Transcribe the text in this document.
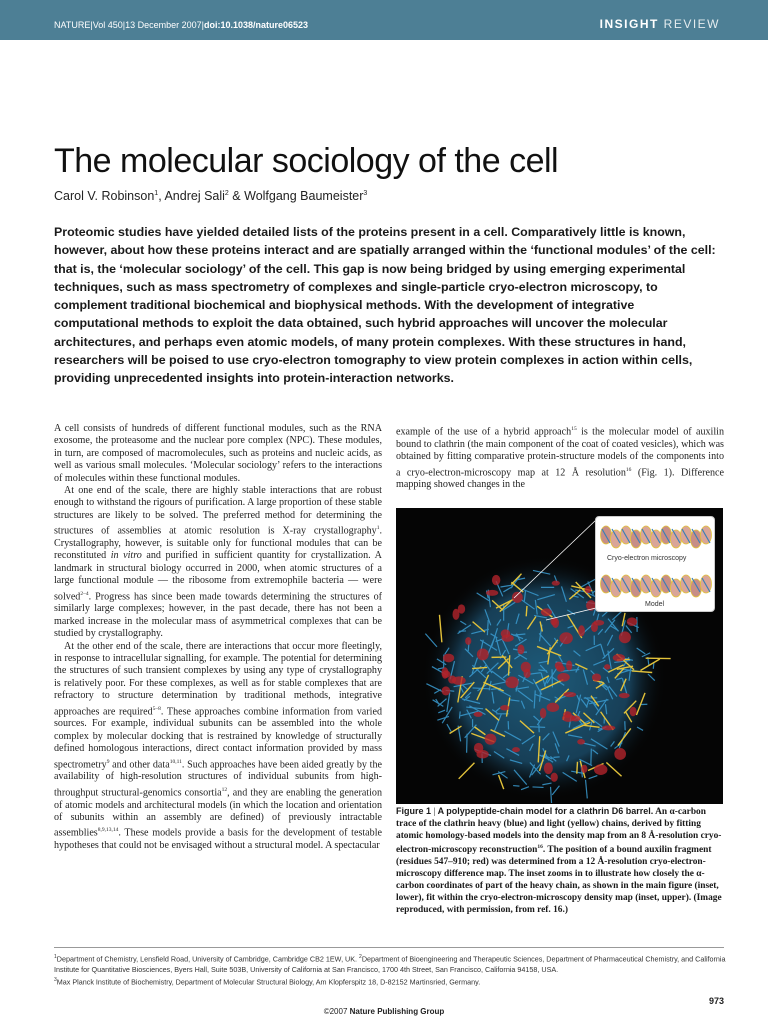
NATURE|Vol 450|13 December 2007|doi:10.1038/nature06523	INSIGHT REVIEW
The molecular sociology of the cell
Carol V. Robinson$^1$, Andrej Sali$^2$ & Wolfgang Baumeister$^3$

Proteomic studies have yielded detailed lists of the proteins present in a cell. Comparatively little is known, however, about how these proteins interact and are spatially arranged within the ‘functional modules’ of the cell: that is, the ‘molecular sociology’ of the cell. This gap is now being bridged by using emerging experimental techniques, such as mass spectrometry of complexes and single-particle cryo-electron microscopy, to complement traditional biochemical and biophysical methods. With the development of integrative computational methods to exploit the data obtained, such hybrid approaches will uncover the molecular architectures, and perhaps even atomic models, of many protein complexes. With these structures in hand, researchers will be poised to use cryo-electron tomography to view protein complexes in action within cells, providing unprecedented insights into protein-interaction networks.

A cell consists of hundreds of different functional modules, such as the RNA exosome, the proteasome and the nuclear pore complex (NPC). These modules, in turn, are composed of macromolecules, such as proteins and nucleic acids, as well as various small molecules. ‘Molecular sociology’ refers to the interactions of molecules within these functional modules.

At one end of the scale, there are highly stable interactions that are robust enough to withstand the rigours of purification. A large proportion of these stable structures are likely to be solved. The preferred method for determining the structures of assemblies at atomic resolution is X-ray crystallography$^1$. Crystallography, however, is suitable only for functional modules that can be reconstituted in vitro and purified in sufficient quantity for crystallization. A landmark in structural biology occurred in 2000, when atomic structures of a large functional module — the ribosome from extremophile bacteria — were solved$^{2-4}$. Progress has since been made towards determining the structures of similarly large complexes; however, in the past decade, there has not been a marked increase in the molecular mass of asymmetrical complexes that can be studied by crystallography.

At the other end of the scale, there are interactions that occur more fleetingly, in response to intracellular signalling, for example. The potential for determining the structures of such transient complexes by using any type of crystallography is relatively poor. For these complexes, as well as for stable complexes that are refractory to structure determination by traditional methods, integrative approaches are required$^{5-8}$. These approaches combine information from varied sources. For example, individual subunits can be assembled into the whole complex by molecular docking that is restrained by knowledge of structurally defined homologous interactions, direct contact information provided by mass spectrometry$^9$ and other data$^{10,11}$. Such approaches have been aided greatly by the availability of high-resolution structures of individual subunits from high-throughput structural-genomics consortia$^{12}$, and they are enabling the generation of atomic models and architectural models (in which the location and orientation of subunits within an assembly are defined) of previously intractable assemblies$^{8,9,13,14}$. These models provide a basis for the development of testable hypotheses that could not be envisaged without a structural model. A spectacular

example of the use of a hybrid approach$^{15}$ is the molecular model of auxilin bound to clathrin (the main component of the coat of coated vesicles), which was obtained by fitting comparative protein-structure models of the components into a cryo-electron-microscopy map at 12 Å resolution$^{16}$ (Fig. 1). Difference mapping showed changes in the

Cryo-electron microscopy
Model
Figure 1 | A polypeptide-chain model for a clathrin D6 barrel. An α-carbon trace of the clathrin heavy (blue) and light (yellow) chains, derived by fitting atomic homology-based models into the density map from an 8 Å-resolution cryo-electron-microscopy reconstruction$^{16}$. The position of a bound auxilin fragment (residues 547–910; red) was determined from a 12 Å-resolution cryo-electron-microscopy difference map. The inset zooms in to illustrate how closely the α-carbon coordinates of part of the heavy chain, as shown in the main figure (inset, lower), fit within the cryo-electron-microscopy density map (inset, upper). (Image reproduced, with permission, from ref. 16.)
$^1$Department of Chemistry, Lensfield Road, University of Cambridge, Cambridge CB2 1EW, UK. $^2$Department of Bioengineering and Therapeutic Sciences, Department of Pharmaceutical Chemistry, and California Institute for Quantitative Biosciences, Byers Hall, Suite 503B, University of California at San Francisco, 1700 4th Street, San Francisco, California 94158, USA.
$^3$Max Planck Institute of Biochemistry, Department of Molecular Structural Biology, Am Klopferspitz 18, D-82152 Martinsried, Germany.
973
©2007 Nature Publishing Group
